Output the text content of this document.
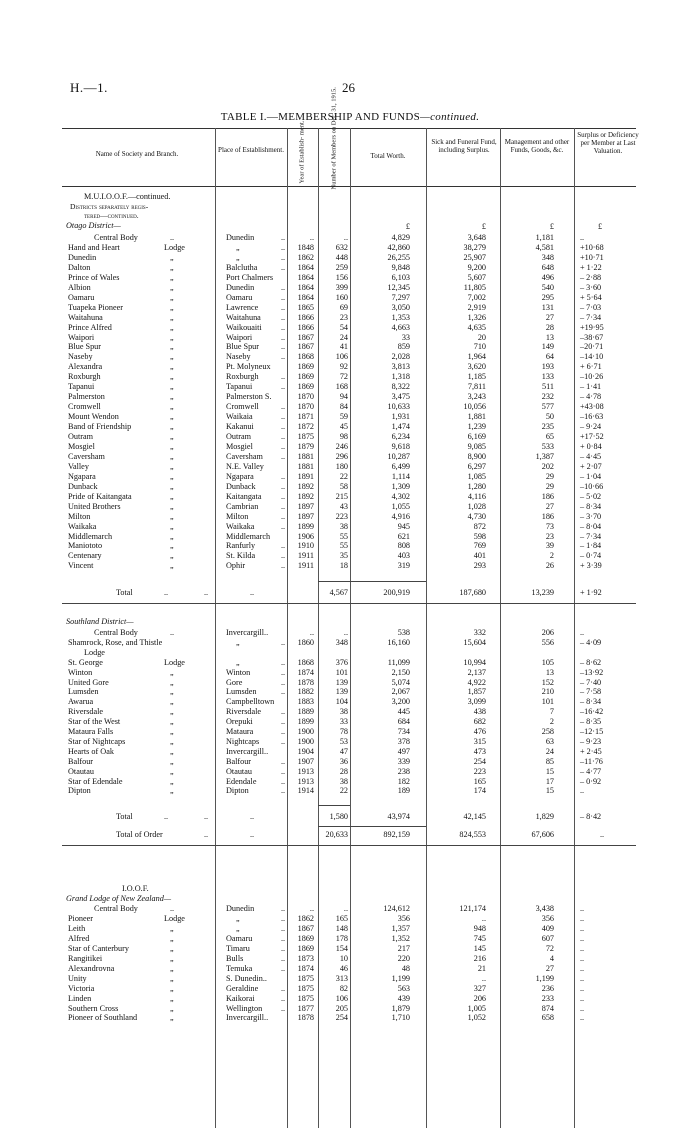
H.—1.	26
TABLE I.—MEMBERSHIP AND FUNDS—continued.
Name of Society and Branch.	Place of Establishment. Year of Establish- ment.	Number of Members on Dec. 31, 1915.	Total Worth.
Sick and Funeral Fund, including Surplus.
Management and other Funds, Goods, &c.
Surplus or Deficiency per Member at Last Valuation.
M.U.I.O.O.F.—continued.
Districts separately regis-
tered—continued.
Otago District—	£	£	£	£
Central Body	..	Dunedin	..	..	..	4,829	3,648	1,181	..
Hand and Heart	Lodge	„	..	1848	632	42,860	38,279	4,581	+10·68
Dunedin	„	„	..	1862	448	26,255	25,907	348	+10·71
Dalton	„	Balclutha	..	1864	259	9,848	9,200	648	+ 1·22
Prince of Wales	„	Port Chalmers	1864	156	6,103	5,607	496	– 2·88
Albion	„	Dunedin	..	1864	399	12,345	11,805	540	– 3·60
Oamaru	„	Oamaru	..	1864	160	7,297	7,002	295	+ 5·64
Tuapeka Pioneer	„	Lawrence	..	1865	69	3,050	2,919	131	– 7·03
Waitahuna	„	Waitahuna ..	1866	23	1,353	1,326	27	– 7·34
Prince Alfred	„	Waikouaiti ..	1866	54	4,663	4,635	28	+19·95
Waipori	„	Waipori	..	1867	24	33	20	13	–38·67
Blue Spur	„	Blue Spur	..	1867	41	859	710	149	–20·71
Naseby	„	Naseby	..	1868	106	2,028	1,964	64	–14·10
Alexandra	„	Pt. Molyneux	1869	92	3,813	3,620	193	+ 6·71
Roxburgh	„	Roxburgh	..	1869	72	1,318	1,185	133	–10·26
Tapanui	„	Tapanui	..	1869	168	8,322	7,811	511	– 1·41
Palmerston	„	Palmerston S.	1870	94	3,475	3,243	232	– 4·78
Cromwell	„	Cromwell	..	1870	84	10,633	10,056	577	+43·08
Mount Wendon	„	Waikaia	..	1871	59	1,931	1,881	50	–16·63
Band of Friendship	„	Kakanui	..	1872	45	1,474	1,239	235	– 9·24
Outram	„	Outram	..	1875	98	6,234	6,169	65	+17·52
Mosgiel	„	Mosgiel	..	1879	246	9,618	9,085	533	+ 0·84
Caversham	„	Caversham ..	1881	296	10,287	8,900	1,387	– 4·45
Valley	„	N.E. Valley	1881	180	6,499	6,297	202	+ 2·07
Ngapara	„	Ngapara	..	1891	22	1,114	1,085	29	– 1·04
Dunback	„	Dunback	..	1892	58	1,309	1,280	29	–10·66
Pride of Kaitangata	„	Kaitangata ..	1892	215	4,302	4,116	186	– 5·02
United Brothers	„	Cambrian	..	1897	43	1,055	1,028	27	– 8·34
Milton	„	Milton	..	1897	223	4,916	4,730	186	– 3·70
Waikaka	„	Waikaka	..	1899	38	945	872	73	– 8·04
Middlemarch	„	Middlemarch	1906	55	621	598	23	– 7·34
Maniototo	„	Ranfurly	..	1910	55	808	769	39	– 1·84
Centenary	„	St. Kilda	..	1911	35	403	401	2	– 0·74
Vincent	„	Ophir	..	1911	18	319	293	26	+ 3·39
Total	..	..	..	4,567	200,919	187,680	13,239	+ 1·92
Southland District—
Central Body	..	Invercargill..	..	..	538	332	206	..
Shamrock, Rose, and Thistle	„	..	1860	348	16,160	15,604	556	– 4·09
Lodge
St. George	Lodge	„	..	1868	376	11,099	10,994	105	– 8·62
Winton	„	Winton	..	1874	101	2,150	2,137	13	–13·92
United Gore	„	Gore	..	1878	139	5,074	4,922	152	– 7·40
Lumsden	„	Lumsden	..	1882	139	2,067	1,857	210	– 7·58
Awarua	„	Campbelltown	1883	104	3,200	3,099	101	– 8·34
Riversdale	„	Riversdale ..	1889	38	445	438	7	–16·42
Star of the West	„	Orepuki	..	1899	33	684	682	2	– 8·35
Mataura Falls	„	Mataura	..	1900	78	734	476	258	–12·15
Star of Nightcaps	„	Nightcaps	..	1900	53	378	315	63	– 9·23
Hearts of Oak	„	Invercargill..	1904	47	497	473	24	+ 2·45
Balfour	„	Balfour	..	1907	36	339	254	85	–11·76
Otautau	„	Otautau	..	1913	28	238	223	15	– 4·77
Star of Edendale	„	Edendale	..	1913	38	182	165	17	– 0·92
Dipton	„	Dipton	..	1914	22	189	174	15	..
Total	..	..	..	1,580	43,974	42,145	1,829	– 8·42
Total of Order	..	..	20,633	892,159	824,553	67,606	..
I.O.O.F.
Grand Lodge of New Zealand—
Central Body	..	Dunedin	..	..	..	124,612	121,174	3,438	..
Pioneer	Lodge	„	..	1862	165	356	..	356	..
Leith	„	„	..	1867	148	1,357	948	409	..
Alfred	„	Oamaru	..	1869	178	1,352	745	607	..
Star of Canterbury	„	Timaru	..	1869	154	217	145	72	..
Rangitikei	„	Bulls	..	1873	10	220	216	4	..
Alexandrovna	„	Temuka	..	1874	46	48	21	27	..
Unity	„	S. Dunedin..	1875	313	1,199	..	1,199	..
Victoria	„	Geraldine	..	1875	82	563	327	236	..
Linden	„	Kaikorai	..	1875	106	439	206	233	..
Southern Cross	„	Wellington ..	1877	205	1,879	1,005	874	..
Pioneer of Southland	„	Invercargill..	1878	254	1,710	1,052	658	..
